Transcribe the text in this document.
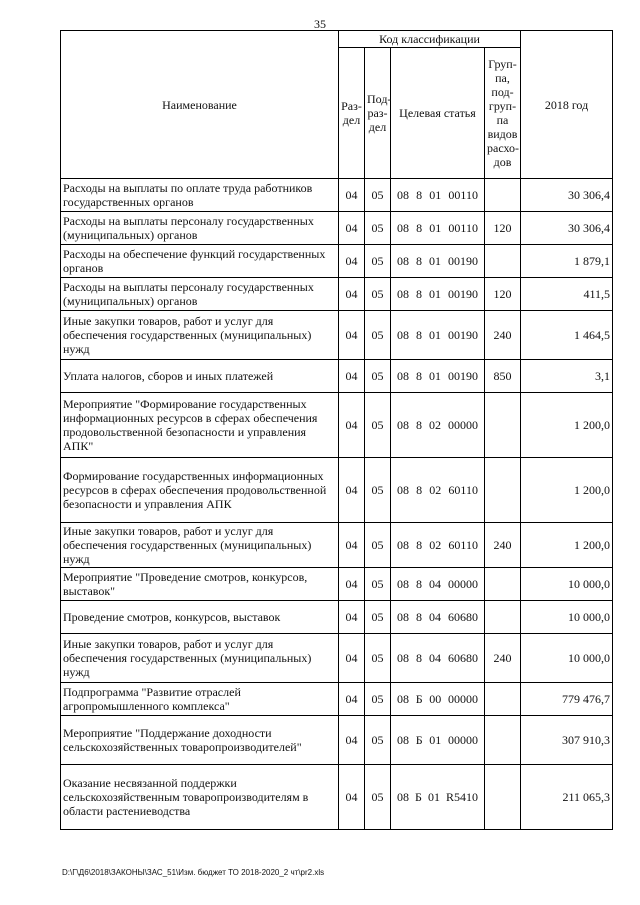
35
Наименование	Код классификации				2018 год
	Раз-дел	Под-раз-дел	Целевая статья	Груп-па, под-груп-па видов расхо-дов	
Расходы на выплаты по оплате труда работников государственных органов	04	05	08 8 01 00110		30 306,4
Расходы на выплаты персоналу государственных (муниципальных) органов	04	05	08 8 01 00110	120	30 306,4
Расходы на обеспечение функций государственных органов	04	05	08 8 01 00190		1 879,1
Расходы на выплаты персоналу государственных (муниципальных) органов	04	05	08 8 01 00190	120	411,5
Иные закупки товаров, работ и услуг для обеспечения государственных (муниципальных) нужд	04	05	08 8 01 00190	240	1 464,5
Уплата налогов, сборов и иных платежей	04	05	08 8 01 00190	850	3,1
Мероприятие "Формирование государственных информационных ресурсов в сферах обеспечения продовольственной безопасности и управления АПК"	04	05	08 8 02 00000		1 200,0
Формирование государственных информационных ресурсов в сферах обеспечения продовольственной безопасности и управления АПК	04	05	08 8 02 60110		1 200,0
Иные закупки товаров, работ и услуг для обеспечения государственных (муниципальных) нужд	04	05	08 8 02 60110	240	1 200,0
Мероприятие "Проведение смотров, конкурсов, выставок"	04	05	08 8 04 00000		10 000,0
Проведение смотров, конкурсов, выставок	04	05	08 8 04 60680		10 000,0
Иные закупки товаров, работ и услуг для обеспечения государственных (муниципальных) нужд	04	05	08 8 04 60680	240	10 000,0
Подпрограмма "Развитие отраслей агропромышленного комплекса"	04	05	08 Б 00 00000		779 476,7
Мероприятие "Поддержание доходности сельскохозяйственных товаропроизводителей"	04	05	08 Б 01 00000		307 910,3
Оказание несвязанной поддержки сельскохозяйственным товаропроизводителям в области растениеводства	04	05	08 Б 01 R5410		211 065,3
D:\Г\Д6\2018\ЗАКОНЫ\ЗАС_51\Изм. бюджет ТО 2018-2020_2 чт\pr2.xls
